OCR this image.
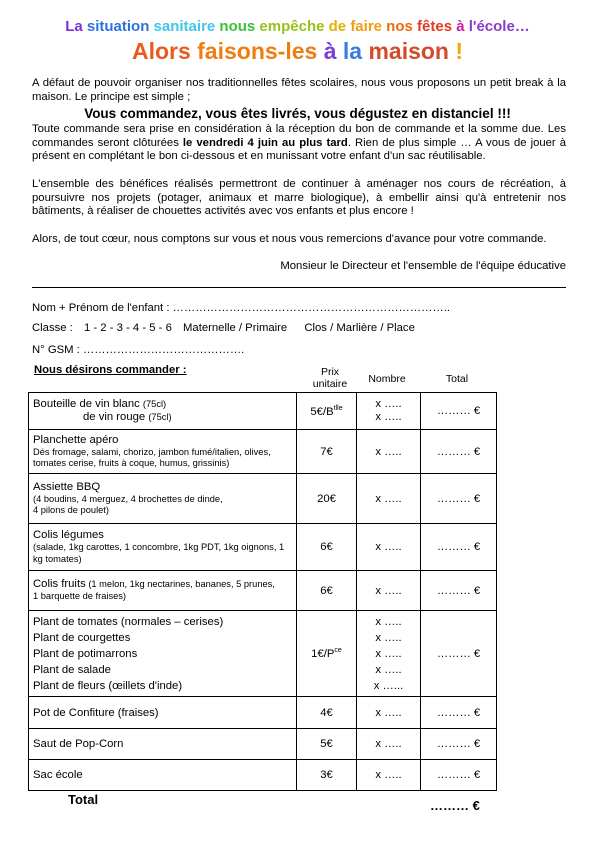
La situation sanitaire nous empêche de faire nos fêtes à l'école…
Alors faisons-les à la maison !
A défaut de pouvoir organiser nos traditionnelles fêtes scolaires, nous vous proposons un petit break à la maison. Le principe est simple ;
Vous commandez, vous êtes livrés, vous dégustez en distanciel !!!
Toute commande sera prise en considération à la réception du bon de commande et la somme due. Les commandes seront clôturées le vendredi 4 juin au plus tard. Rien de plus simple … A vous de jouer à présent en complétant le bon ci-dessous et en munissant votre enfant d'un sac réutilisable.
L'ensemble des bénéfices réalisés permettront de continuer à aménager nos cours de récréation, à poursuivre nos projets (potager, animaux et marre biologique), à embellir ainsi qu'à entretenir nos bâtiments, à réaliser de chouettes activités avec vos enfants et plus encore !
Alors, de tout cœur, nous comptons sur vous et nous vous remercions d'avance pour votre commande.
Monsieur le Directeur et l'ensemble de l'équipe éducative
Nom + Prénom de l'enfant : ………………………………………………………………..
Classe : 1 - 2 - 3 - 4 - 5 - 6 Maternelle / Primaire Clos / Marlière / Place
N° GSM : …………………………………….
Nous désirons commander :	Prix
unitaire	Nombre	Total
Bouteille de vin blanc (75cl)
de vin rouge (75cl)	$5€/B^{tlle}$	x …..
x …..	……… €

Planchette apéro
Dés fromage, salami, chorizo, jambon fumé/italien, olives, tomates cerise, fruits à coque, humus, grissinis)	7€	x …..	……… €

Assiette BBQ
(4 boudins, 4 merguez, 4 brochettes de dinde,
4 pilons de poulet)	20€	x …..	……… €

Colis légumes
(salade, 1kg carottes, 1 concombre, 1kg PDT, 1kg oignons, 1 kg tomates)	6€	x …..	……… €

Colis fruits (1 melon, 1kg nectarines, bananes, 5 prunes,
1 barquette de fraises)	6€	x …..	……… €

Plant de tomates (normales – cerises)
Plant de courgettes
Plant de potimarrons
Plant de salade
Plant de fleurs (œillets d'inde)	$1€/P^{ce}$	x …..
x …..
x …..
x …..
x …...	……… €
Pot de Confiture (fraises)	4€	x …..	……… €
Saut de Pop-Corn	5€	x …..	……… €
Sac école	3€	x …..	……… €
Total	……… €
